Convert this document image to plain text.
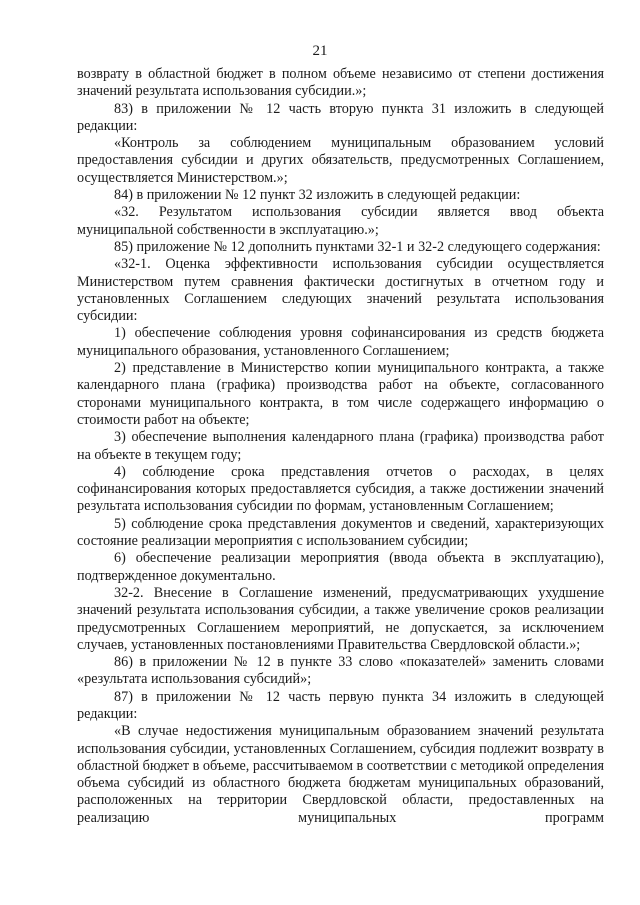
21

возврату в областной бюджет в полном объеме независимо от степени достижения значений результата использования субсидии.»;

83) в приложении № 12 часть вторую пункта 31 изложить в следующей редакции:

«Контроль за соблюдением муниципальным образованием условий предоставления субсидии и других обязательств, предусмотренных Соглашением, осуществляется Министерством.»;

84) в приложении № 12 пункт 32 изложить в следующей редакции:

«32. Результатом использования субсидии является ввод объекта муниципальной собственности в эксплуатацию.»;

85) приложение № 12 дополнить пунктами 32-1 и 32-2 следующего содержания:

«32-1. Оценка эффективности использования субсидии осуществляется Министерством путем сравнения фактически достигнутых в отчетном году и установленных Соглашением следующих значений результата использования субсидии:

1) обеспечение соблюдения уровня софинансирования из средств бюджета муниципального образования, установленного Соглашением;

2) представление в Министерство копии муниципального контракта, а также календарного плана (графика) производства работ на объекте, согласованного сторонами муниципального контракта, в том числе содержащего информацию о стоимости работ на объекте;

3) обеспечение выполнения календарного плана (графика) производства работ на объекте в текущем году;

4) соблюдение срока представления отчетов о расходах, в целях софинансирования которых предоставляется субсидия, а также достижении значений результата использования субсидии по формам, установленным Соглашением;

5) соблюдение срока представления документов и сведений, характеризующих состояние реализации мероприятия с использованием субсидии;

6) обеспечение реализации мероприятия (ввода объекта в эксплуатацию), подтвержденное документально.

32-2. Внесение в Соглашение изменений, предусматривающих ухудшение значений результата использования субсидии, а также увеличение сроков реализации предусмотренных Соглашением мероприятий, не допускается, за исключением случаев, установленных постановлениями Правительства Свердловской области.»;

86) в приложении № 12 в пункте 33 слово «показателей» заменить словами «результата использования субсидий»;

87) в приложении № 12 часть первую пункта 34 изложить в следующей редакции:

«В случае недостижения муниципальным образованием значений результата использования субсидии, установленных Соглашением, субсидия подлежит возврату в областной бюджет в объеме, рассчитываемом в соответствии с методикой определения объема субсидий из областного бюджета бюджетам муниципальных образований, расположенных на территории Свердловской области, предоставленных на реализацию муниципальных программ
